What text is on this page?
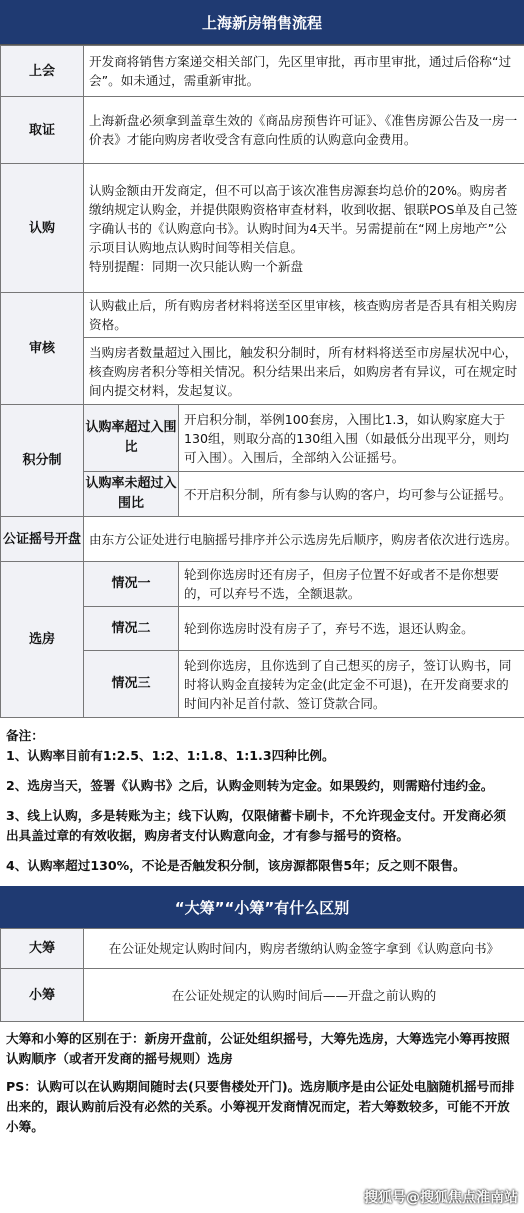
上海新房销售流程
上会	开发商将销售方案递交相关部门，先区里审批，再市里审批，通过后俗称“过会”。如未通过，需重新审批。	
取证	上海新盘必须拿到盖章生效的《商品房预售许可证》、《准售房源公告及一房一价表》才能向购房者收受含有意向性质的认购意向金费用。	
认购	认购金额由开发商定，但不可以高于该次准售房源套均总价的20%。购房者缴纳规定认购金，并提供限购资格审查材料，收到收据、银联POS单及自己签字确认书的《认购意向书》。认购时间为4天半。另需提前在“网上房地产”公示项目认购地点认购时间等相关信息。

特别提醒：同期一次只能认购一个新盘	

审核	认购截止后，所有购房者材料将送至区里审核，核查购房者是否具有相关购房资格。	
	当购房者数量超过入围比，触发积分制时，所有材料将送至市房屋状况中心，核查购房者积分等相关情况。积分结果出来后，如购房者有异议，可在规定时间内提交材料，发起复议。	
积分制	认购率超过入围比	开启积分制，举例100套房，入围比1.3，如认购家庭大于130组，则取分高的130组入围（如最低分出现平分，则均可入围）。入围后，全部纳入公证摇号。
	认购率未超过入围比	不开启积分制，所有参与认购的客户，均可参与公证摇号。
公证摇号开盘	由东方公证处进行电脑摇号排序并公示选房先后顺序，购房者依次进行选房。	
选房	情况一	轮到你选房时还有房子，但房子位置不好或者不是你想要的，可以弃号不选，全额退款。
	情况二	轮到你选房时没有房子了，弃号不选，退还认购金。
	情况三	轮到你选房，且你选到了自己想买的房子，签订认购书，同时将认购金直接转为定金(此定金不可退)，在开发商要求的时间内补足首付款、签订贷款合同。

备注：

1、认购率目前有1:2.5、1:2、1:1.8、1:1.3四种比例。

2、选房当天，签署《认购书》之后，认购金则转为定金。如果毁约，则需赔付违约金。

3、线上认购，多是转账为主；线下认购，仅限储蓄卡刷卡，不允许现金支付。开发商必须出具盖过章的有效收据，购房者支付认购意向金，才有参与摇号的资格。

4、认购率超过130%，不论是否触发积分制，该房源都限售5年；反之则不限售。

“大筹”“小筹”有什么区别
大筹	在公证处规定认购时间内，购房者缴纳认购金签字拿到《认购意向书》
小筹	在公证处规定的认购时间后——开盘之前认购的
大筹和小筹的区别在于：新房开盘前，公证处组织摇号，大筹先选房，大筹选完小筹再按照认购顺序（或者开发商的摇号规则）选房

PS：认购可以在认购期间随时去(只要售楼处开门)。选房顺序是由公证处电脑随机摇号而排出来的，跟认购前后没有必然的关系。小筹视开发商情况而定，若大筹数较多，可能不开放小筹。

搜狐号@搜狐焦点淮南站
